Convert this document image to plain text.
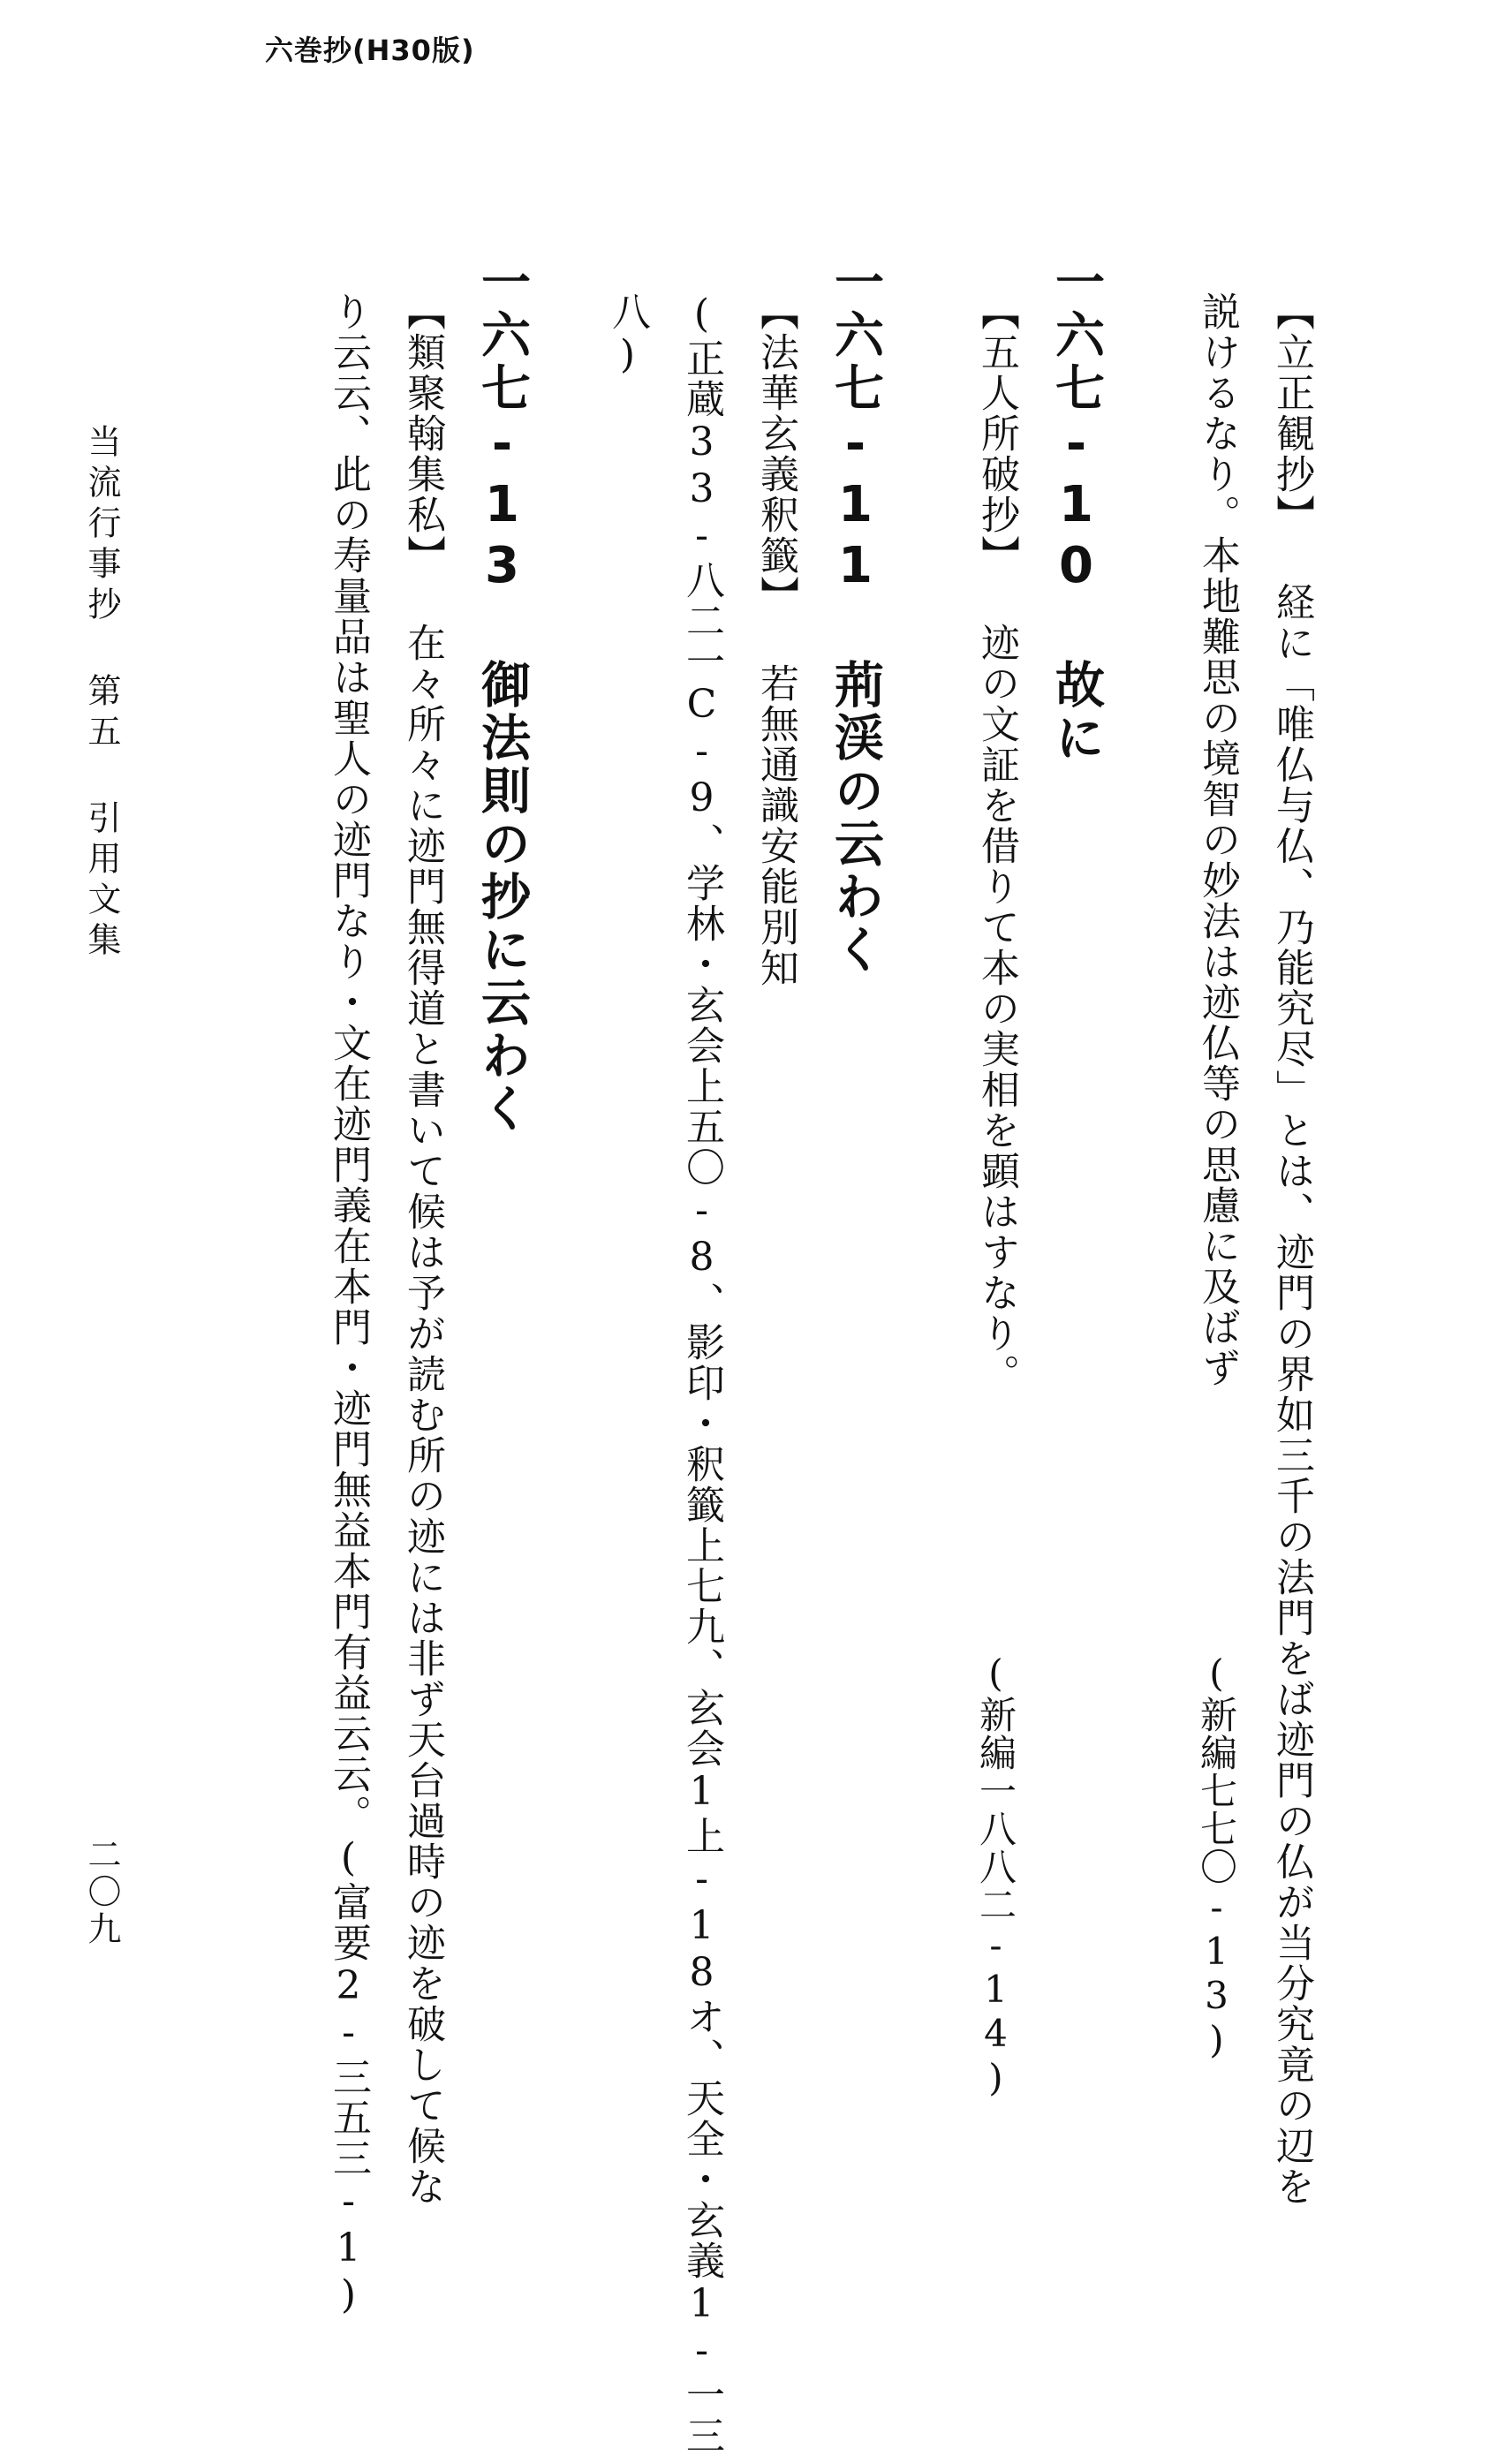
六巻抄(H30版)
【立正観抄】 経に「唯仏与仏、乃能究尽」とは、迹門の界如三千の法門をば迹門の仏が当分究竟の辺を
説けるなり。本地難思の境智の妙法は迹仏等の思慮に及ばず
(新編七七〇-13)
一六七-10 故に
【五人所破抄】 迹の文証を借りて本の実相を顕はすなり。
(新編一八八二-14)
一六七-11 荊渓の云わく
【法華玄義釈籤】 若無通識安能別知
(正蔵33-八二一C-9、学林・玄会上五〇-8、影印・釈籤上七九、玄会1上-18オ、天全・玄義1-一三
八)
一六七-13 御法則の抄に云わく
【類聚翰集私】 在々所々に迹門無得道と書いて候は予が読む所の迹には非ず天台過時の迹を破して候な
り云云、此の寿量品は聖人の迹門なり・文在迹門義在本門・迹門無益本門有益云云。(富要2-三五三-1)
当流行事抄 第五 引用文集
二〇九
